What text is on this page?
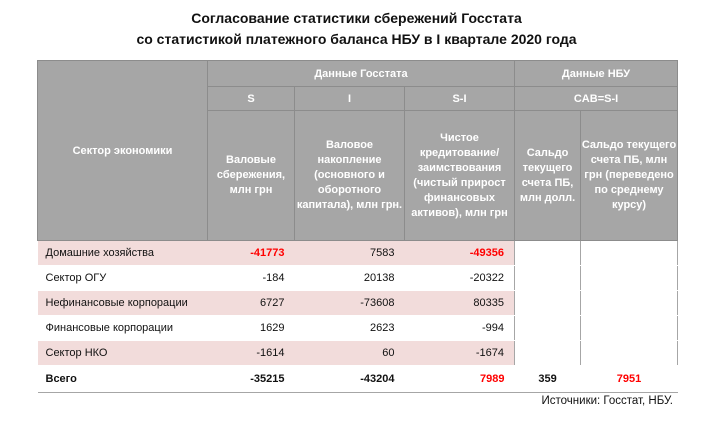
Согласование статистики сбережений Госстата
со статистикой платежного баланса НБУ в I квартале 2020 года
Сектор экономики	Данные Госстата			Данные НБУ	
	S	I	S-I	CAB=S-I	
	Валовые сбережения, млн грн	Валовое накопление (основного и оборотного капитала), млн грн.	Чистое кредитование/ заимствования (чистый прирост финансовых активов), млн грн	Сальдо текущего счета ПБ, млн долл.	Сальдо текущего счета ПБ, млн грн (переведено по среднему курсу)
Домашние хозяйства	-41773	7583	-49356		
Сектор ОГУ	-184	20138	-20322		
Нефинансовые корпорации	6727	-73608	80335		
Финансовые корпорации	1629	2623	-994		
Сектор НКО	-1614	60	-1674		
Всего	-35215	-43204	7989	359	7951
Источники: Госстат, НБУ.
